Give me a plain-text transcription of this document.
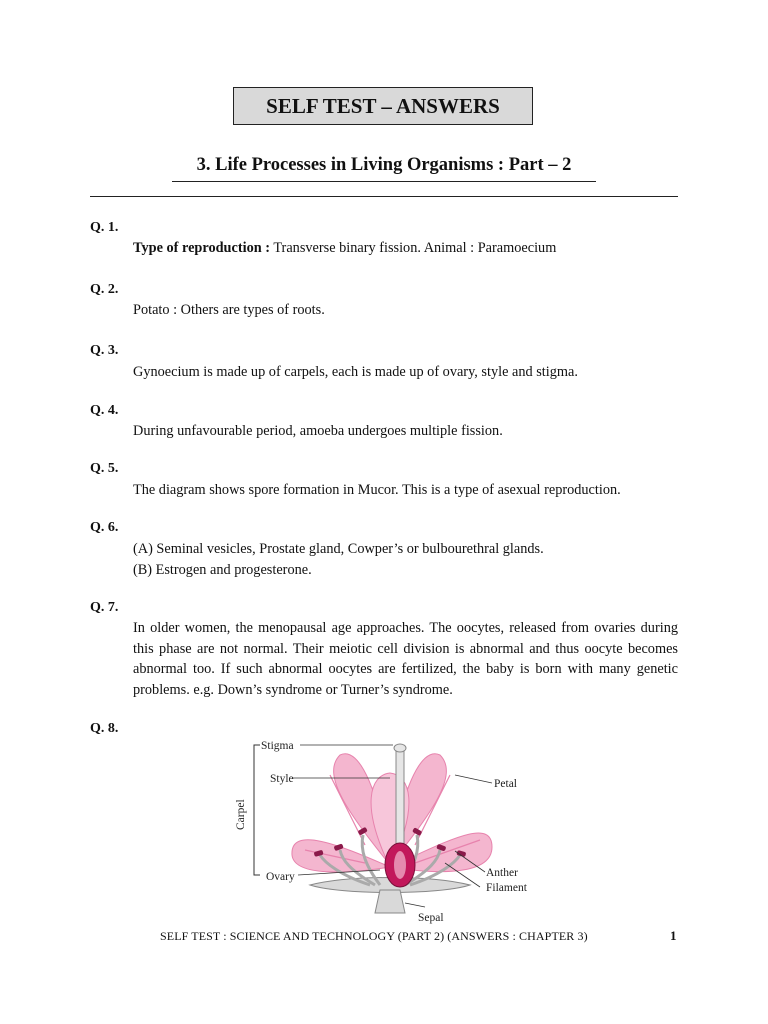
SELF TEST – ANSWERS
3. Life Processes in Living Organisms : Part – 2
Q. 1.
Type of reproduction : Transverse binary fission. Animal : Paramoecium
Q. 2.
Potato : Others are types of roots.
Q. 3.
Gynoecium is made up of carpels, each is made up of ovary, style and stigma.
Q. 4.
During unfavourable period, amoeba undergoes multiple fission.
Q. 5.
The diagram shows spore formation in Mucor. This is a type of asexual reproduction.
Q. 6.
(A) Seminal vesicles, Prostate gland, Cowper’s or bulbourethral glands.
(B) Estrogen and progesterone.
Q. 7.
In older women, the menopausal age approaches. The oocytes, released from ovaries during this phase are not normal. Their meiotic cell division is abnormal and thus oocyte becomes abnormal too. If such abnormal oocytes are fertilized, the baby is born with many genetic problems. e.g. Down’s syndrome or Turner’s syndrome.
Q. 8.
Stigma
Style
Carpel
Ovary
Petal
Anther
Filament
Sepal
SELF TEST : SCIENCE AND TECHNOLOGY (PART 2) (ANSWERS : CHAPTER 3)	1
